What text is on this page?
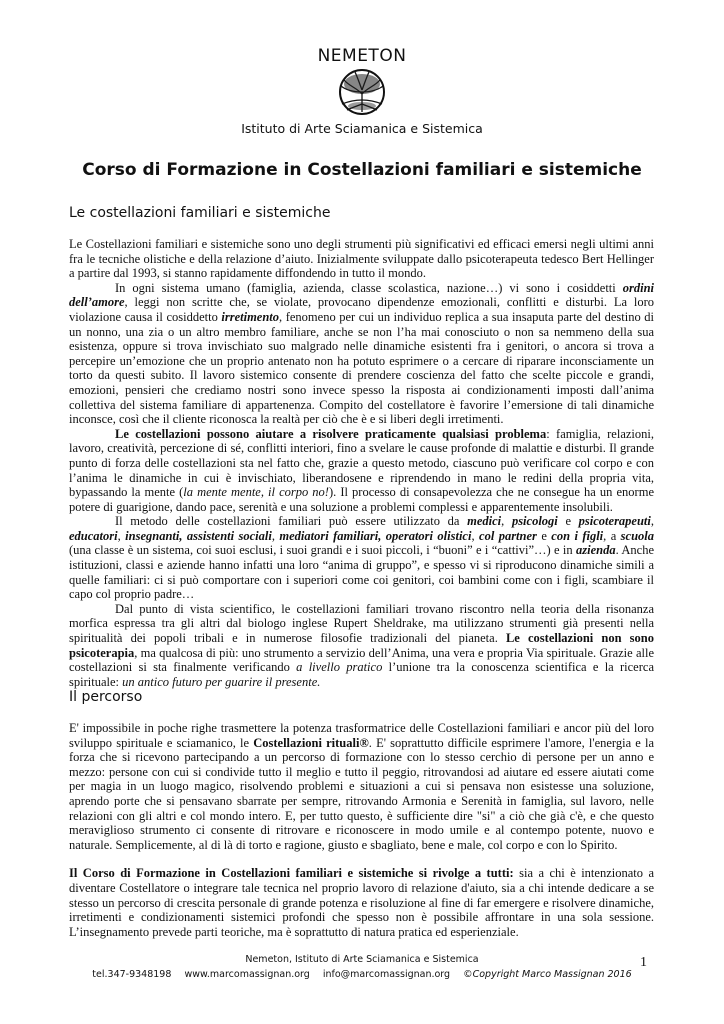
NEMETON
Istituto di Arte Sciamanica e Sistemica
Corso di Formazione in Costellazioni familiari e sistemiche
Le costellazioni familiari e sistemiche

Le Costellazioni familiari e sistemiche sono uno degli strumenti più significativi ed efficaci emersi negli ultimi anni fra le tecniche olistiche e della relazione d’aiuto. Inizialmente sviluppate dallo psicoterapeuta tedesco Bert Hellinger a partire dal 1993, si stanno rapidamente diffondendo in tutto il mondo.

In ogni sistema umano (famiglia, azienda, classe scolastica, nazione…) vi sono i cosiddetti ordini dell’amore, leggi non scritte che, se violate, provocano dipendenze emozionali, conflitti e disturbi. La loro violazione causa il cosiddetto irretimento, fenomeno per cui un individuo replica a sua insaputa parte del destino di un nonno, una zia o un altro membro familiare, anche se non l’ha mai conosciuto o non sa nemmeno della sua esistenza, oppure si trova invischiato suo malgrado nelle dinamiche esistenti fra i genitori, o ancora si trova a percepire un’emozione che un proprio antenato non ha potuto esprimere o a cercare di riparare inconsciamente un torto da questi subito. Il lavoro sistemico consente di prendere coscienza del fatto che scelte piccole e grandi, emozioni, pensieri che crediamo nostri sono invece spesso la risposta ai condizionamenti imposti dall’anima collettiva del sistema familiare di appartenenza. Compito del costellatore è favorire l’emersione di tali dinamiche inconsce, così che il cliente riconosca la realtà per ciò che è e si liberi degli irretimenti.

Le costellazioni possono aiutare a risolvere praticamente qualsiasi problema: famiglia, relazioni, lavoro, creatività, percezione di sé, conflitti interiori, fino a svelare le cause profonde di malattie e disturbi. Il grande punto di forza delle costellazioni sta nel fatto che, grazie a questo metodo, ciascuno può verificare col corpo e con l’anima le dinamiche in cui è invischiato, liberandosene e riprendendo in mano le redini della propria vita, bypassando la mente (la mente mente, il corpo no!). Il processo di consapevolezza che ne consegue ha un enorme potere di guarigione, dando pace, serenità e una soluzione a problemi complessi e apparentemente insolubili.

Il metodo delle costellazioni familiari può essere utilizzato da medici, psicologi e psicoterapeuti, educatori, insegnanti, assistenti sociali, mediatori familiari, operatori olistici, col partner e con i figli, a scuola (una classe è un sistema, coi suoi esclusi, i suoi grandi e i suoi piccoli, i “buoni” e i “cattivi”…) e in azienda. Anche istituzioni, classi e aziende hanno infatti una loro “anima di gruppo”, e spesso vi si riproducono dinamiche simili a quelle familiari: ci si può comportare con i superiori come coi genitori, coi bambini come con i figli, scambiare il capo col proprio padre…

Dal punto di vista scientifico, le costellazioni familiari trovano riscontro nella teoria della risonanza morfica espressa tra gli altri dal biologo inglese Rupert Sheldrake, ma utilizzano strumenti già presenti nella spiritualità dei popoli tribali e in numerose filosofie tradizionali del pianeta. Le costellazioni non sono psicoterapia, ma qualcosa di più: uno strumento a servizio dell’Anima, una vera e propria Via spirituale. Grazie alle costellazioni si sta finalmente verificando a livello pratico l’unione tra la conoscenza scientifica e la ricerca spirituale: un antico futuro per guarire il presente.

Il percorso

E' impossibile in poche righe trasmettere la potenza trasformatrice delle Costellazioni familiari e ancor più del loro sviluppo spirituale e sciamanico, le Costellazioni rituali®. E' soprattutto difficile esprimere l'amore, l'energia e la forza che si ricevono partecipando a un percorso di formazione con lo stesso cerchio di persone per un anno e mezzo: persone con cui si condivide tutto il meglio e tutto il peggio, ritrovandosi ad aiutare ed essere aiutati come per magia in un luogo magico, risolvendo problemi e situazioni a cui si pensava non esistesse una soluzione, aprendo porte che si pensavano sbarrate per sempre, ritrovando Armonia e Serenità in famiglia, sul lavoro, nelle relazioni con gli altri e col mondo intero. E, per tutto questo, è sufficiente dire "si" a ciò che già c'è, e che questo meraviglioso strumento ci consente di ritrovare e riconoscere in modo umile e al contempo potente, nuovo e naturale. Semplicemente, al di là di torto e ragione, giusto e sbagliato, bene e male, col corpo e con lo Spirito.

Il Corso di Formazione in Costellazioni familiari e sistemiche si rivolge a tutti: sia a chi è intenzionato a diventare Costellatore o integrare tale tecnica nel proprio lavoro di relazione d'aiuto, sia a chi intende dedicare a se stesso un percorso di crescita personale di grande potenza e risoluzione al fine di far emergere e risolvere dinamiche, irretimenti e condizionamenti sistemici profondi che spesso non è possibile affrontare in una sola sessione. L’insegnamento prevede parti teoriche, ma è soprattutto di natura pratica ed esperienziale.

Nemeton, Istituto di Arte Sciamanica e Sistemica	1
tel.347-9348198 www.marcomassignan.org info@marcomassignan.org ©Copyright Marco Massignan 2016
